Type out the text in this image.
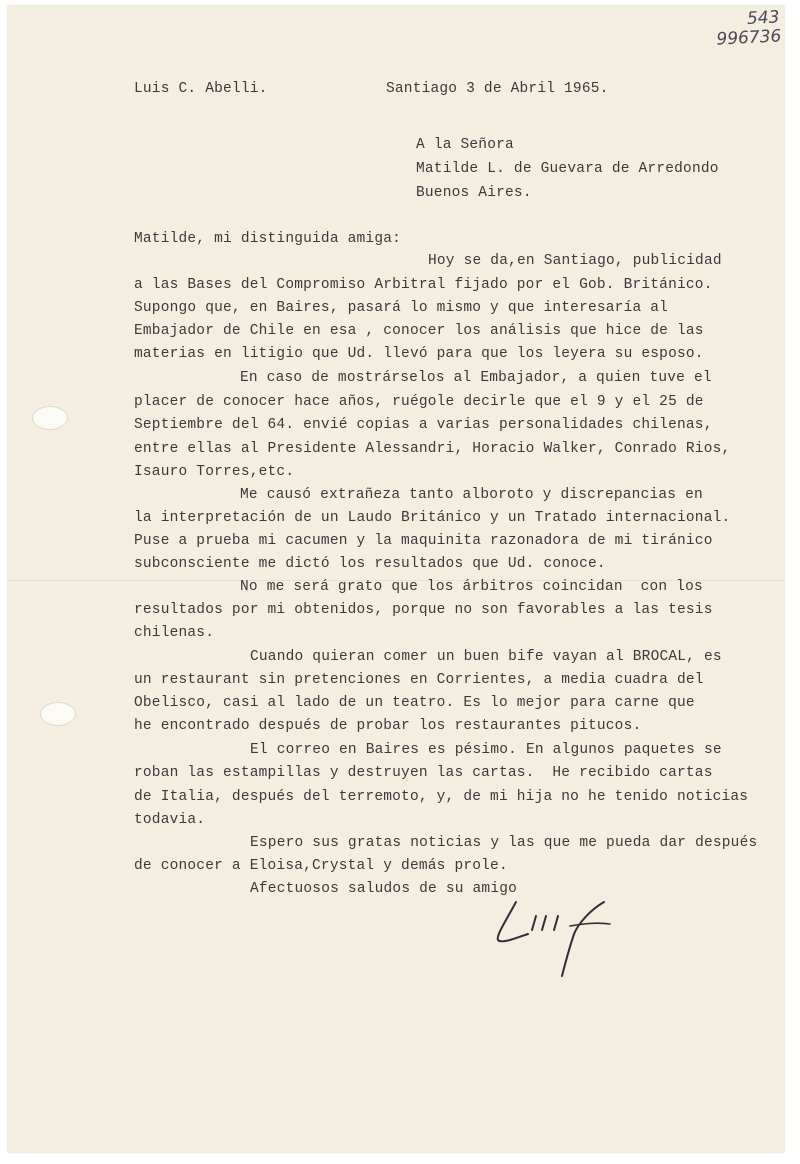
543
996736
Luis C. Abelli.	Santiago 3 de Abril 1965.
A la Señora
Matilde L. de Guevara de Arredondo
Buenos Aires.
Matilde, mi distinguida amiga:
Hoy se da,en Santiago, publicidad
a las Bases del Compromiso Arbitral fijado por el Gob. Británico.
Supongo que, en Baires, pasará lo mismo y que interesaría al
Embajador de Chile en esa , conocer los análisis que hice de las
materias en litigio que Ud. llevó para que los leyera su esposo.
En caso de mostrárselos al Embajador, a quien tuve el
placer de conocer hace años, ruégole decirle que el 9 y el 25 de
Septiembre del 64. envié copias a varias personalidades chilenas,
entre ellas al Presidente Alessandri, Horacio Walker, Conrado Rios,
Isauro Torres,etc.
Me causó extrañeza tanto alboroto y discrepancias en
la interpretación de un Laudo Británico y un Tratado internacional.
Puse a prueba mi cacumen y la maquinita razonadora de mi tiránico
subconsciente me dictó los resultados que Ud. conoce.
No me será grato que los árbitros coincidan  con los
resultados por mi obtenidos, porque no son favorables a las tesis
chilenas.
Cuando quieran comer un buen bife vayan al BROCAL, es
un restaurant sin pretenciones en Corrientes, a media cuadra del
Obelisco, casi al lado de un teatro. Es lo mejor para carne que
he encontrado después de probar los restaurantes pitucos.
El correo en Baires es pésimo. En algunos paquetes se
roban las estampillas y destruyen las cartas.  He recibido cartas
de Italia, después del terremoto, y, de mi hija no he tenido noticias
todavia.
Espero sus gratas noticias y las que me pueda dar después
de conocer a Eloisa,Crystal y demás prole.
Afectuosos saludos de su amigo
